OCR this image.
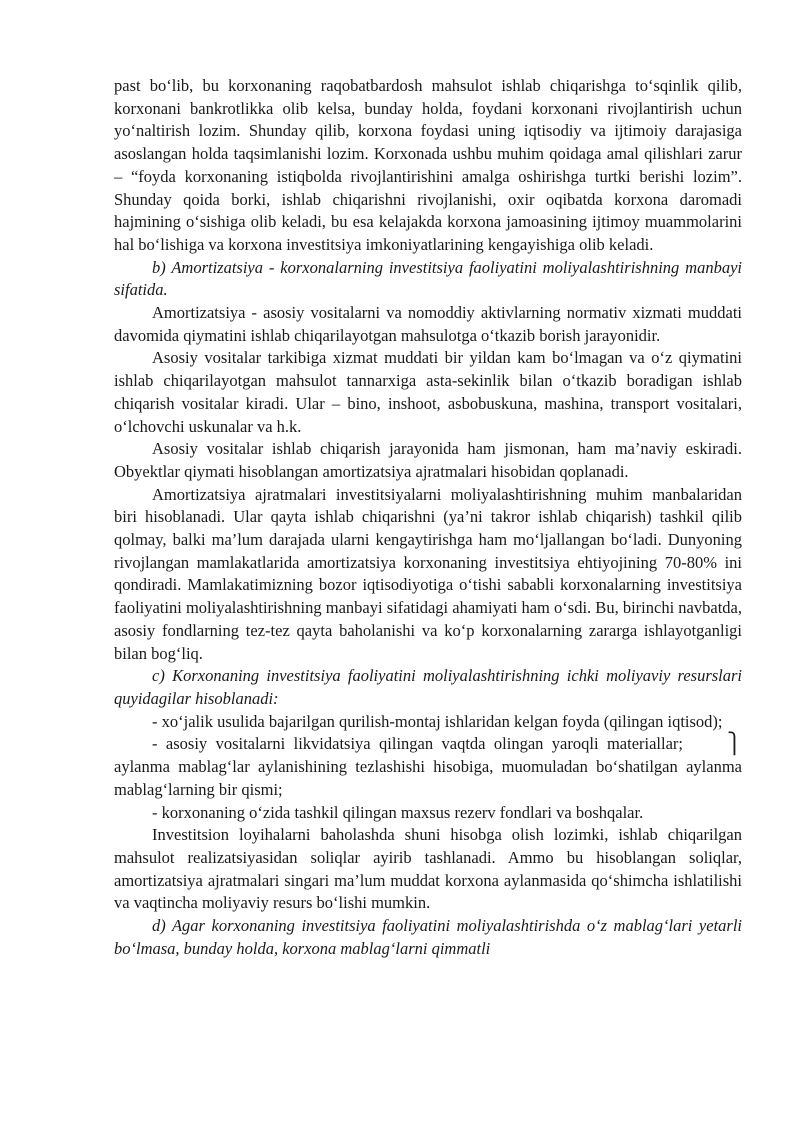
past bo‘lib, bu korxonaning raqobatbardosh mahsulot ishlab chiqarishga to‘sqinlik qilib, korxonani bankrotlikka olib kelsa, bunday holda, foydani korxonani rivojlantirish uchun yo‘naltirish lozim. Shunday qilib, korxona foydasi uning iqtisodiy va ijtimoiy darajasiga asoslangan holda taqsimlanishi lozim. Korxonada ushbu muhim qoidaga amal qilishlari zarur – “foyda korxonaning istiqbolda rivojlantirishini amalga oshirishga turtki berishi lozim”. Shunday qoida borki, ishlab chiqarishni rivojlanishi, oxir oqibatda korxona daromadi hajmining o‘sishiga olib keladi, bu esa kelajakda korxona jamoasining ijtimoy muammolarini hal bo‘lishiga va korxona investitsiya imkoniyatlarining kengayishiga olib keladi.

b) Amortizatsiya - korxonalarning investitsiya faoliyatini moliyalashtirishning manbayi sifatida.

Amortizatsiya - asosiy vositalarni va nomoddiy aktivlarning normativ xizmati muddati davomida qiymatini ishlab chiqarilayotgan mahsulotga o‘tkazib borish jarayonidir.

Asosiy vositalar tarkibiga xizmat muddati bir yildan kam bo‘lmagan va o‘z qiymatini ishlab chiqarilayotgan mahsulot tannarxiga asta-sekinlik bilan o‘tkazib boradigan ishlab chiqarish vositalar kiradi. Ular – bino, inshoot, asbobuskuna, mashina, transport vositalari, o‘lchovchi uskunalar va h.k.

Asosiy vositalar ishlab chiqarish jarayonida ham jismonan, ham ma’naviy eskiradi. Obyektlar qiymati hisoblangan amortizatsiya ajratmalari hisobidan qoplanadi.

Amortizatsiya ajratmalari investitsiyalarni moliyalashtirishning muhim manbalaridan biri hisoblanadi. Ular qayta ishlab chiqarishni (ya’ni takror ishlab chiqarish) tashkil qilib qolmay, balki ma’lum darajada ularni kengaytirishga ham mo‘ljallangan bo‘ladi. Dunyoning rivojlangan mamlakatlarida amortizatsiya korxonaning investitsiya ehtiyojining 70-80% ini qondiradi. Mamlakatimizning bozor iqtisodiyotiga o‘tishi sababli korxonalarning investitsiya faoliyatini moliyalashtirishning manbayi sifatidagi ahamiyati ham o‘sdi. Bu, birinchi navbatda, asosiy fondlarning tez-tez qayta baholanishi va ko‘p korxonalarning zararga ishlayotganligi bilan bog‘liq.

c) Korxonaning investitsiya faoliyatini moliyalashtirishning ichki moliyaviy resurslari quyidagilar hisoblanadi:

- xo‘jalik usulida bajarilgan qurilish-montaj ishlaridan kelgan foyda (qilingan iqtisod);

- asosiy vositalarni likvidatsiya qilingan vaqtda olingan yaroqli materiallar; ⎫ aylanma mablag‘lar aylanishining tezlashishi hisobiga, muomuladan bo‘shatilgan aylanma mablag‘larning bir qismi;

- korxonaning o‘zida tashkil qilingan maxsus rezerv fondlari va boshqalar.

Investitsion loyihalarni baholashda shuni hisobga olish lozimki, ishlab chiqarilgan mahsulot realizatsiyasidan soliqlar ayirib tashlanadi. Ammo bu hisoblangan soliqlar, amortizatsiya ajratmalari singari ma’lum muddat korxona aylanmasida qo‘shimcha ishlatilishi va vaqtincha moliyaviy resurs bo‘lishi mumkin.

d) Agar korxonaning investitsiya faoliyatini moliyalashtirishda o‘z mablag‘lari yetarli bo‘lmasa, bunday holda, korxona mablag‘larni qimmatli
